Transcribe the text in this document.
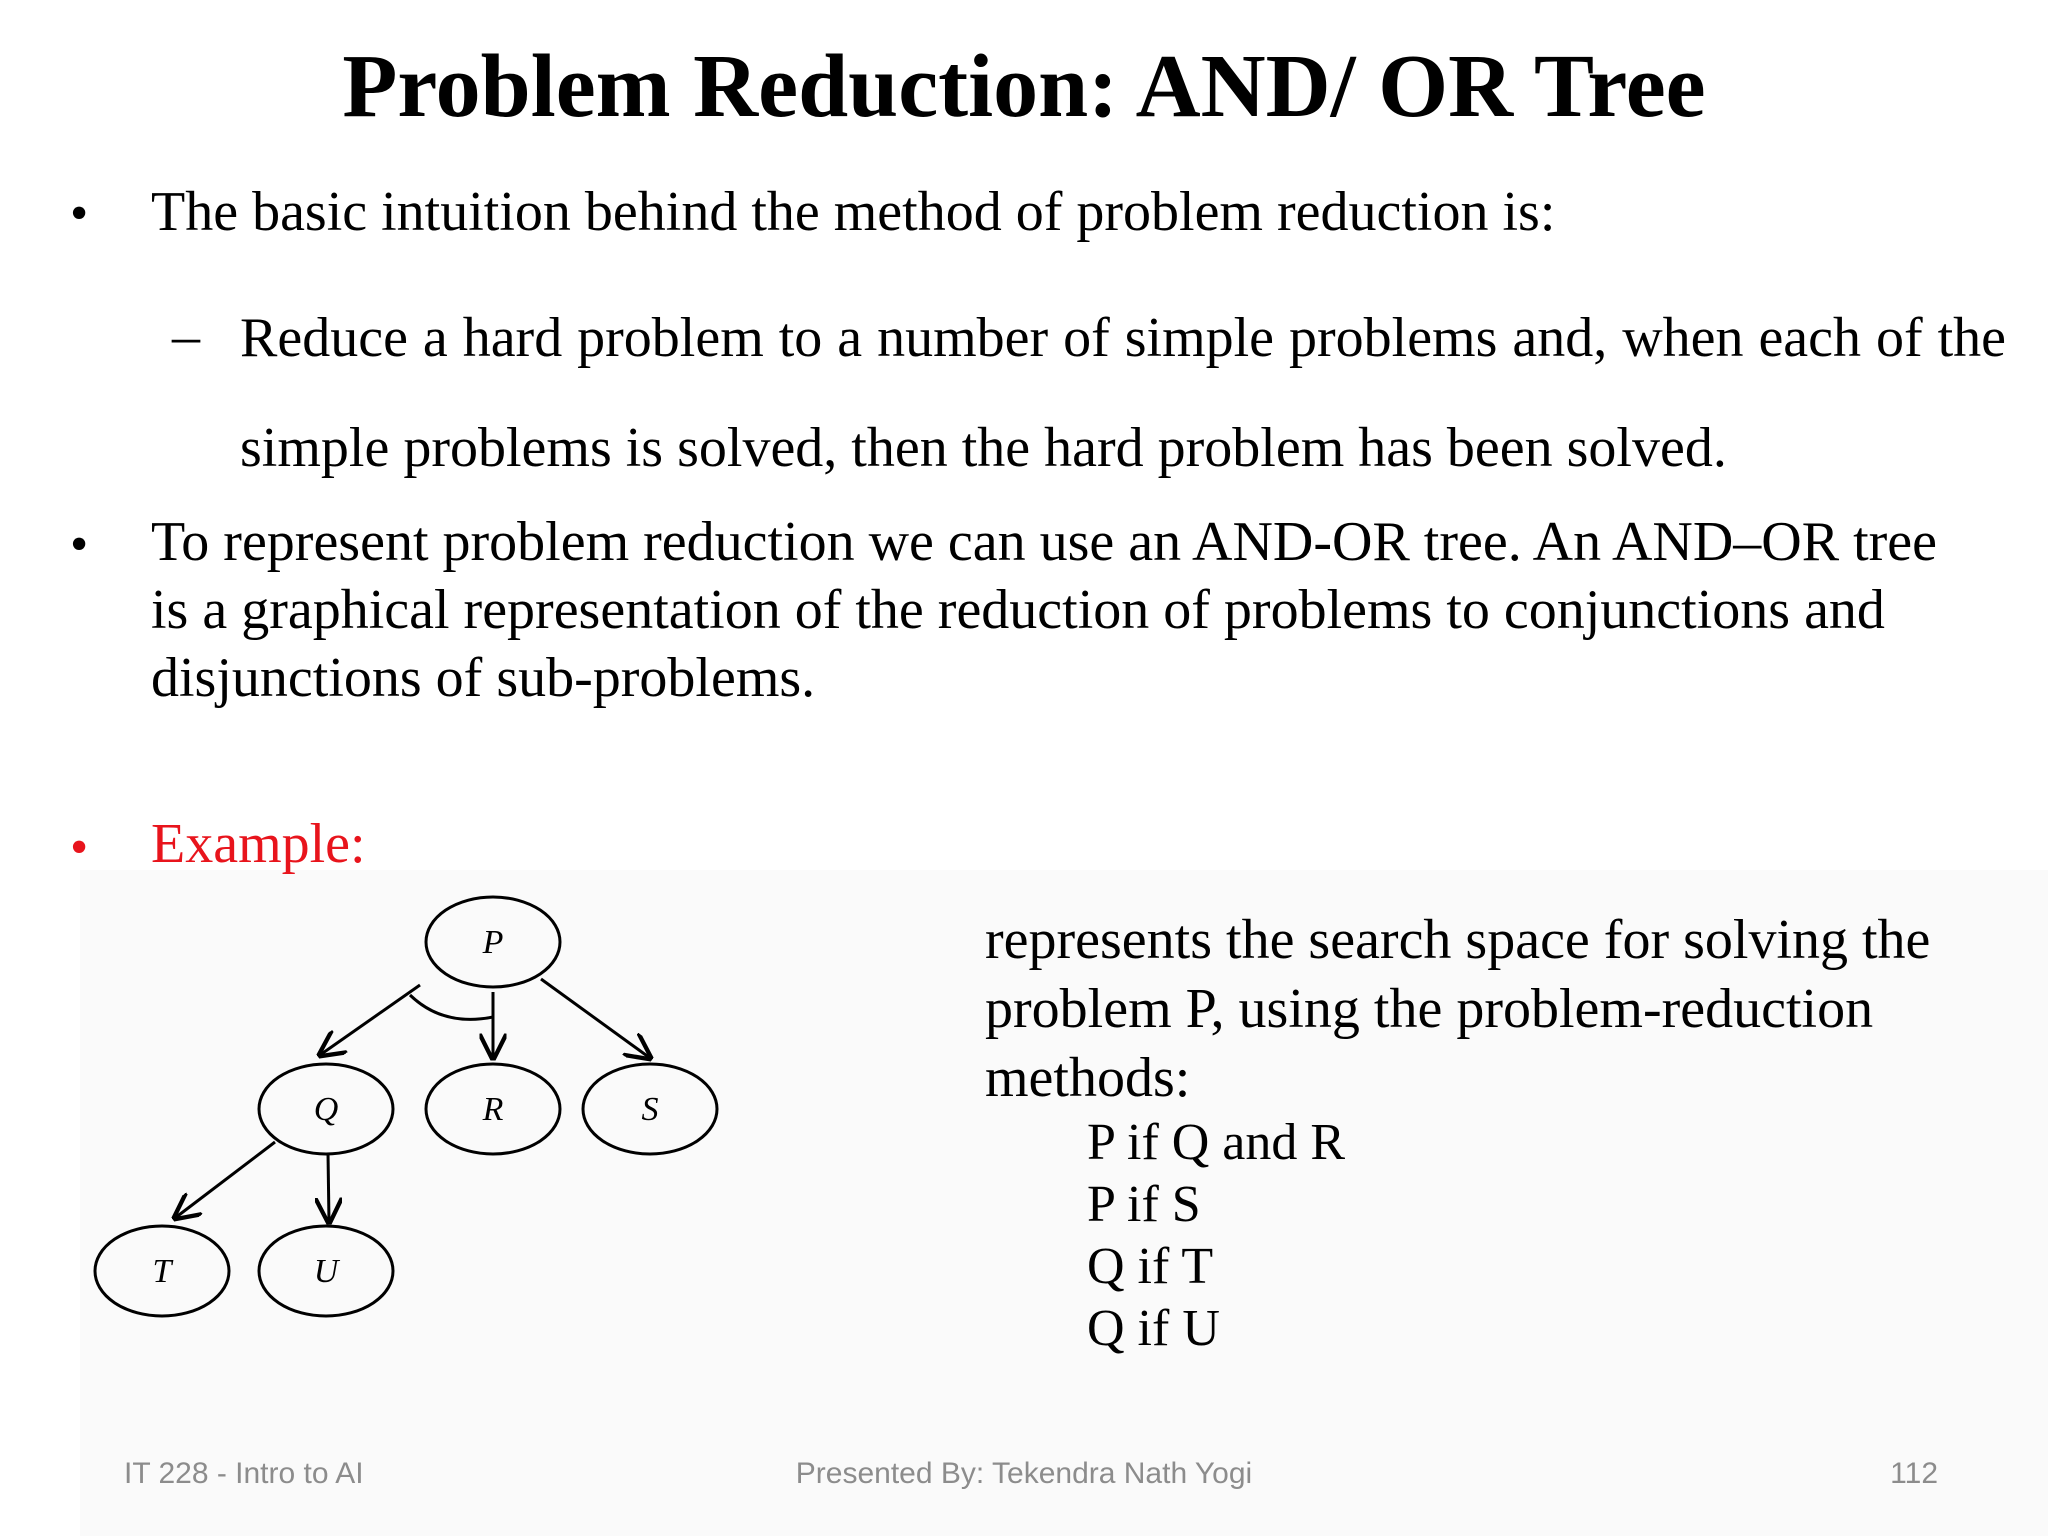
Problem Reduction: AND/ OR Tree
• The basic intuition behind the method of problem reduction is:
– Reduce a hard problem to a number of simple problems and, when each of the simple problems is solved, then the hard problem has been solved.
• To represent problem reduction we can use an AND-OR tree. An AND–OR tree is a graphical representation of the reduction of problems to conjunctions and disjunctions of sub-problems.
• Example:
P
Q	R	S
T	U
represents the search space for solving the problem P, using the problem-reduction methods:
P if Q and R
P if S
Q if T
Q if U
IT 228 - Intro to AI	Presented By: Tekendra Nath Yogi	112
